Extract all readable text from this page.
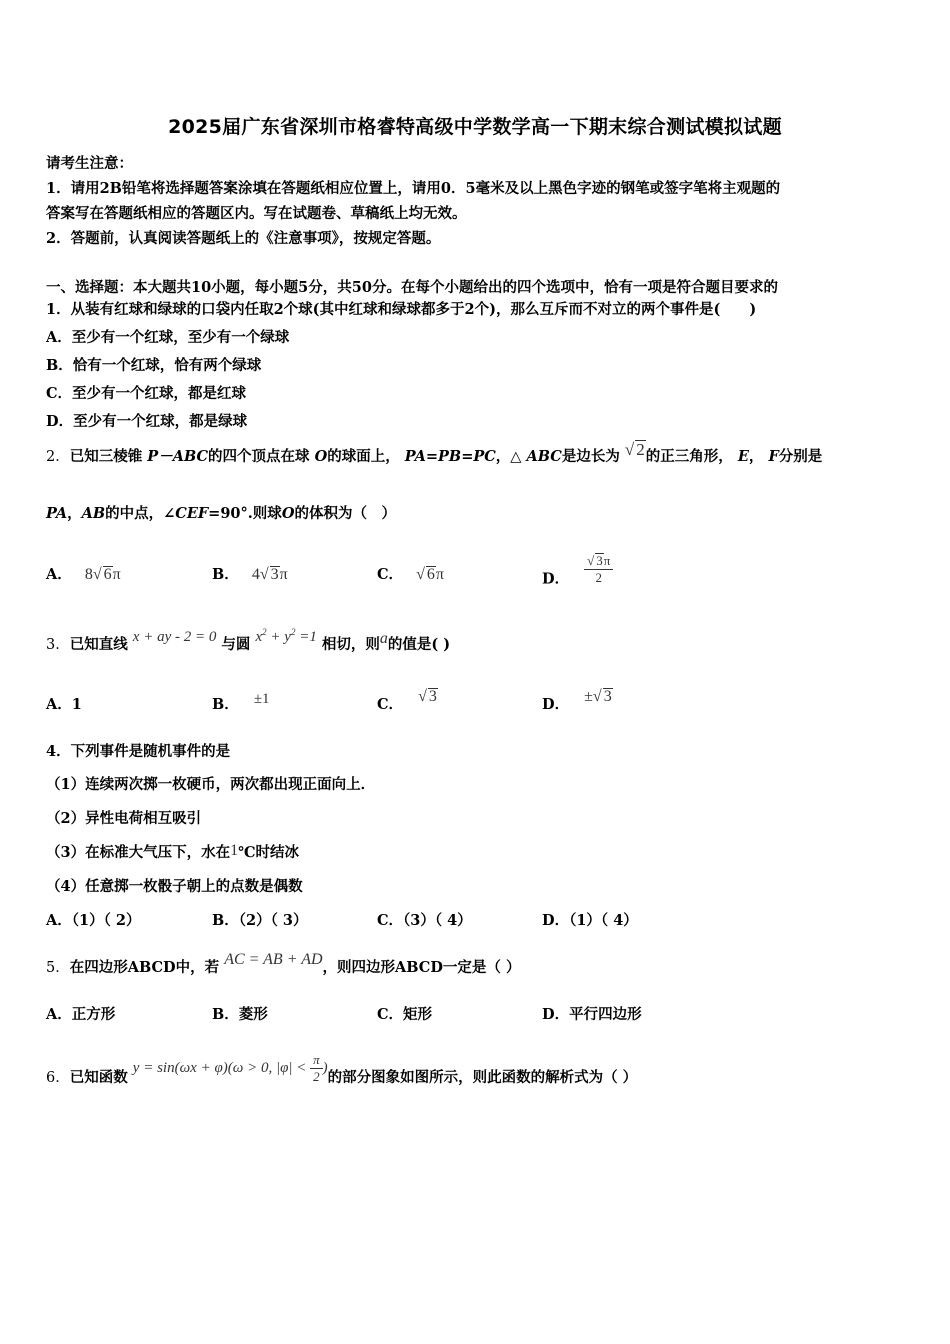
2025届广东省深圳市格睿特高级中学数学高一下期末综合测试模拟试题
请考生注意：
1．请用2B铅笔将选择题答案涂填在答题纸相应位置上，请用0．5毫米及以上黑色字迹的钢笔或签字笔将主观题的
答案写在答题纸相应的答题区内。写在试题卷、草稿纸上均无效。
2．答题前，认真阅读答题纸上的《注意事项》，按规定答题。
一、选择题：本大题共10小题，每小题5分，共50分。在每个小题给出的四个选项中，恰有一项是符合题目要求的
1．从装有红球和绿球的口袋内任取2个球(其中红球和绿球都多于2个)，那么互斥而不对立的两个事件是(　　)
A．至少有一个红球，至少有一个绿球
B．恰有一个红球，恰有两个绿球
C．至少有一个红球，都是红球
D．至少有一个红球，都是绿球
2．已知三棱锥 P－ABC的四个顶点在球 O的球面上， PA=PB=PC，△ ABC是边长为 √ 2的正三角形， E， F分别是
PA，AB的中点，∠CEF=90°.则球O的体积为（　）
A． 8√ 6π	B． 4√ 3π	C． √ 6π	D． $\frac{√ 3\pi}{2}$
3．已知直线 x + ay - 2 = 0 与圆 $x^2 + y^2 =1$ 相切，则a的值是( )
A．1	B． ±1	C． √ 3	D． ±√ 3
4．下列事件是随机事件的是
（1）连续两次掷一枚硬币，两次都出现正面向上．
（2）异性电荷相互吸引
（3）在标准大气压下，水在1℃时结冰
（4）任意掷一枚骰子朝上的点数是偶数
A．（1）（ 2）	B．（2）（ 3）	C．（3）（ 4）	D．（1）（ 4）
5．在四边形ABCD中，若 AC = AB + AD，则四边形ABCD一定是（ ）
A．正方形	B．菱形	C．矩形	D．平行四边形
6．已知函数 y = sin(ωx + φ)(ω > 0, $|\varphi| < \frac{\pi}{2}$ )的部分图象如图所示，则此函数的解析式为（ ）
